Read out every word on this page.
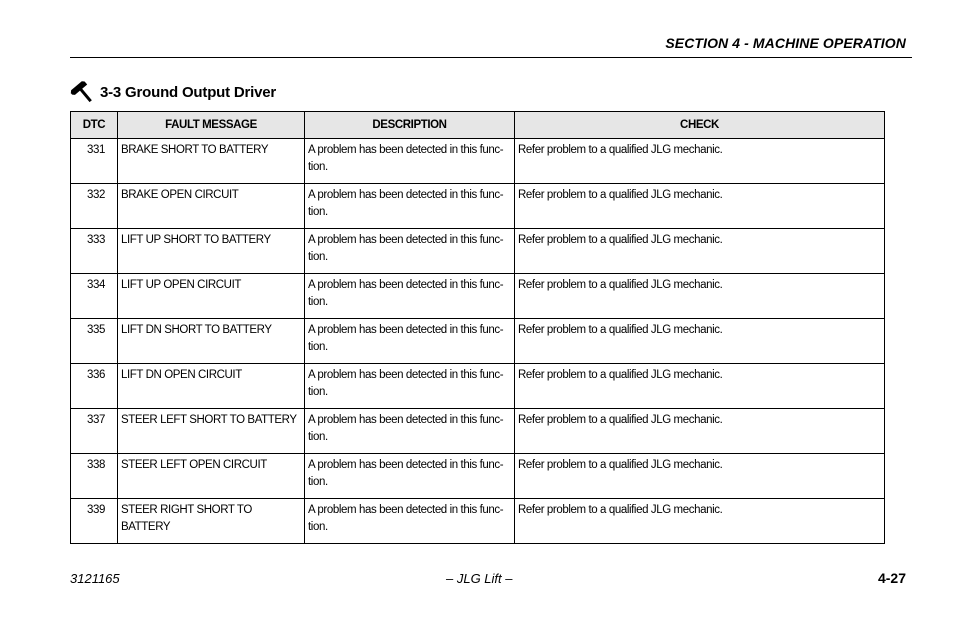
SECTION 4 - MACHINE OPERATION
3-3 Ground Output Driver
DTC	FAULT MESSAGE	DESCRIPTION	CHECK
331	BRAKE SHORT TO BATTERY	A problem has been detected in this func-tion.	Refer problem to a qualified JLG mechanic.
332	BRAKE OPEN CIRCUIT	A problem has been detected in this func-tion.	Refer problem to a qualified JLG mechanic.
333	LIFT UP SHORT TO BATTERY	A problem has been detected in this func-tion.	Refer problem to a qualified JLG mechanic.
334	LIFT UP OPEN CIRCUIT	A problem has been detected in this func-tion.	Refer problem to a qualified JLG mechanic.
335	LIFT DN SHORT TO BATTERY	A problem has been detected in this func-tion.	Refer problem to a qualified JLG mechanic.
336	LIFT DN OPEN CIRCUIT	A problem has been detected in this func-tion.	Refer problem to a qualified JLG mechanic.
337	STEER LEFT SHORT TO BATTERY	A problem has been detected in this func-tion.	Refer problem to a qualified JLG mechanic.
338	STEER LEFT OPEN CIRCUIT	A problem has been detected in this func-tion.	Refer problem to a qualified JLG mechanic.
339	STEER RIGHT SHORT TO BATTERY	A problem has been detected in this func-tion.	Refer problem to a qualified JLG mechanic.
3121165	– JLG Lift –	4-27
